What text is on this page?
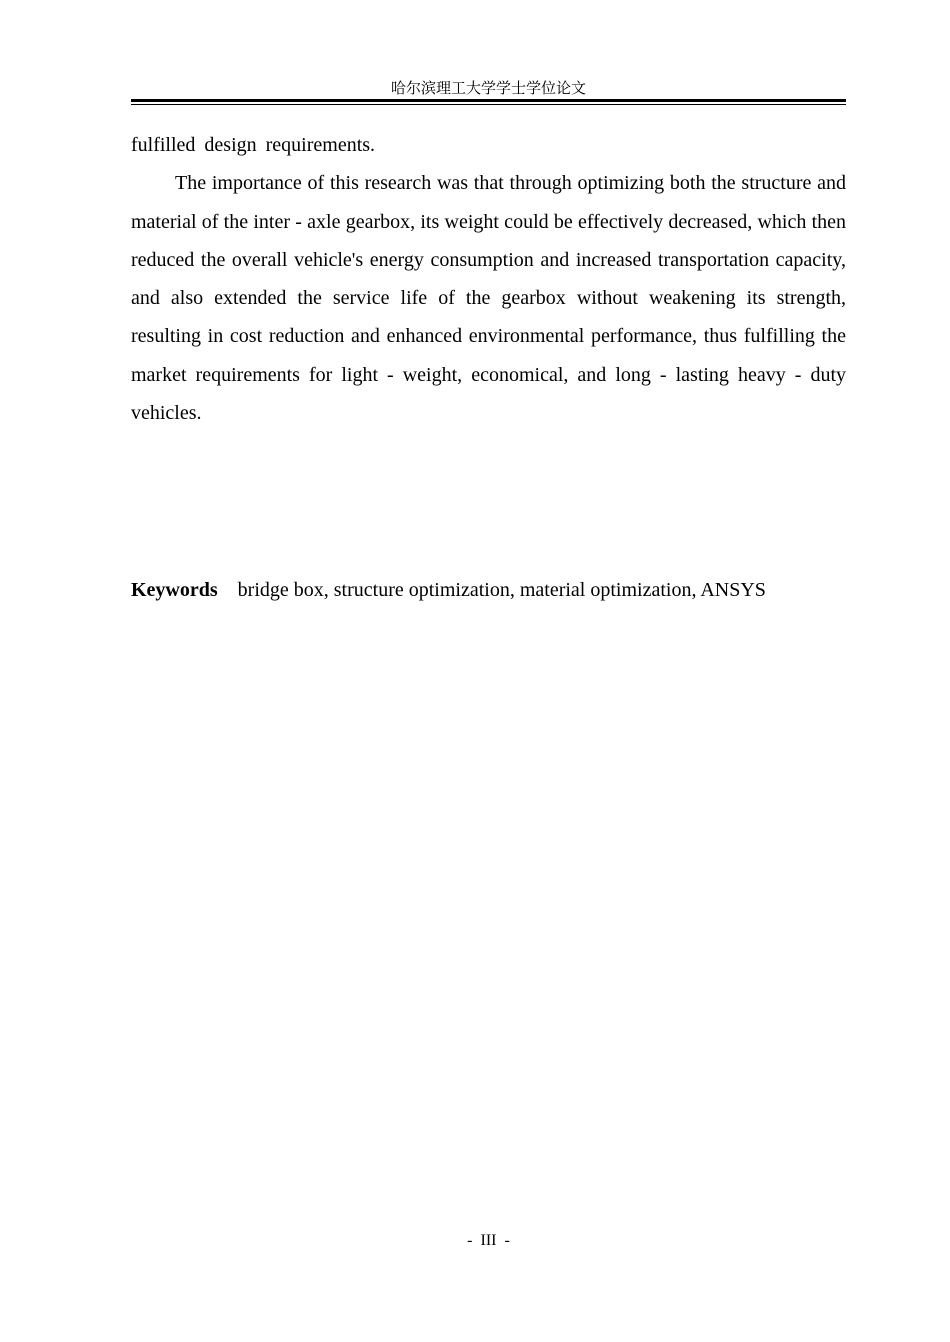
哈尔滨理工大学学士学位论文

fulfilled design requirements.

The importance of this research was that through optimizing both the structure and material of the inter - axle gearbox, its weight could be effectively decreased, which then reduced the overall vehicle's energy consumption and increased transportation capacity, and also extended the service life of the gearbox without weakening its strength, resulting in cost reduction and enhanced environmental performance, thus fulfilling the market requirements for light - weight, economical, and long - lasting heavy - duty vehicles.

Keywords bridge box, structure optimization, material optimization, ANSYS
- III -
